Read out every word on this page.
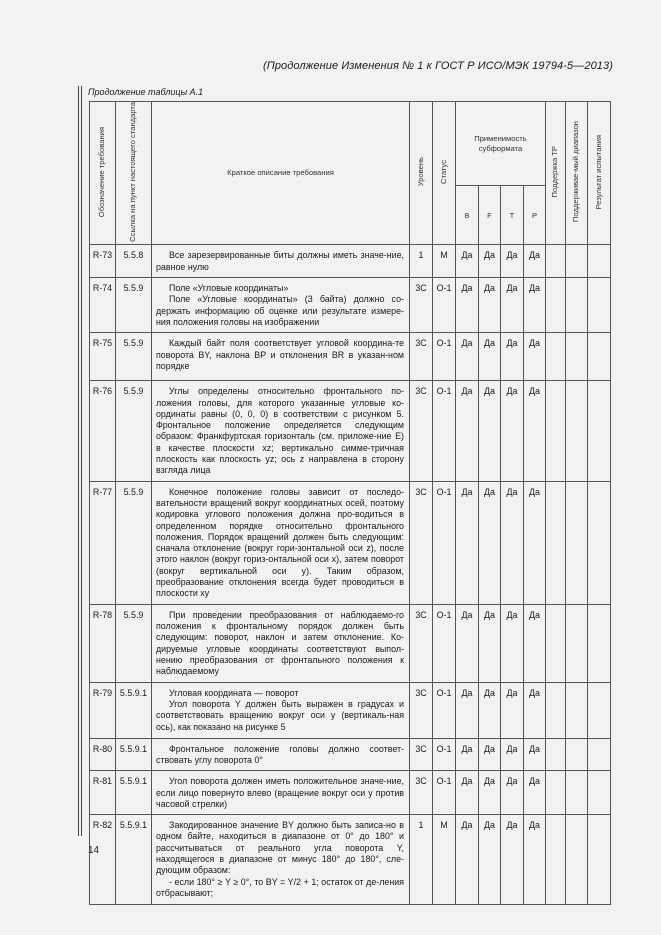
(Продолжение Изменения № 1 к ГОСТ Р ИСО/МЭК 19794-5—2013)
Продолжение таблицы А.1
Обозначение требования	Ссылка на пункт настоящего стандарта	Краткое описание требования	Уровень	Статус	Применимость субформата				Поддержка ТР	Поддерживае-мый диапазон	Результат испытания
					B	F	T	P			
R-73	5.5.8	Все зарезервированные биты должны иметь значе-ние, равное нулю	1	М	Да	Да	Да	Да			
R-74	5.5.9	Поле «Угловые координаты»

Поле «Угловые координаты» (3 байта) должно со-держать информацию об оценке или результате измере-ния положения головы на изображении	3С	О-1	Да	Да	Да	Да			
R-75	5.5.9	Каждый байт поля соответствует угловой координа-те поворота BY, наклона BP и отклонения BR в указан-ном порядке	3С	О-1	Да	Да	Да	Да			
R-76	5.5.9	Углы определены относительно фронтального по-ложения головы, для которого указанные угловые ко-ординаты равны (0, 0, 0) в соответствии с рисунком 5. Фронтальное положение определяется следующим образом: Франкфуртская горизонталь (см. приложе-ние E) в качестве плоскости xz; вертикально симме-тричная плоскость как плоскость yz; ось z направлена в сторону взгляда лица	3С	О-1	Да	Да	Да	Да			
R-77	5.5.9	Конечное положение головы зависит от последо-вательности вращений вокруг координатных осей, поэтому кодировка углового положения должна про-водиться в определенном порядке относительно фронтального положения. Порядок вращений должен быть следующим: сначала отклонение (вокруг гори-зонтальной оси z), после этого наклон (вокруг гориз-онтальной оси x), затем поворот (вокруг вертикальной оси y). Таким образом, преобразование отклонения всегда будет проводиться в плоскости xy	3С	О-1	Да	Да	Да	Да			
R-78	5.5.9	При проведении преобразования от наблюдаемо-го положения к фронтальному порядок должен быть следующим: поворот, наклон и затем отклонение. Ко-дируемые угловые координаты соответствуют выпол-нению преобразования от фронтального положения к наблюдаемому	3С	О-1	Да	Да	Да	Да			
R-79	5.5.9.1	Угловая координата — поворот

Угол поворота Y должен быть выражен в градусах и соответствовать вращению вокруг оси y (вертикаль-ная ось), как показано на рисунке 5	3С	О-1	Да	Да	Да	Да			
R-80	5.5.9.1	Фронтальное положение головы должно соответ-ствовать углу поворота 0°	3С	О-1	Да	Да	Да	Да			
R-81	5.5.9.1	Угол поворота должен иметь положительное значе-ние, если лицо повернуто влево (вращение вокруг оси y против часовой стрелки)	3С	О-1	Да	Да	Да	Да			
R-82	5.5.9.1	Закодированное значение BY должно быть записа-но в одном байте, находиться в диапазоне от 0° до 180° и рассчитываться от реального угла поворота Y, находящегося в диапазоне от минус 180° до 180°, сле-дующим образом:

- если 180° ≥ Y ≥ 0°, то BY = Y/2 + 1; остаток от де-ления отбрасывают;	1	М	Да	Да	Да	Да			
14
